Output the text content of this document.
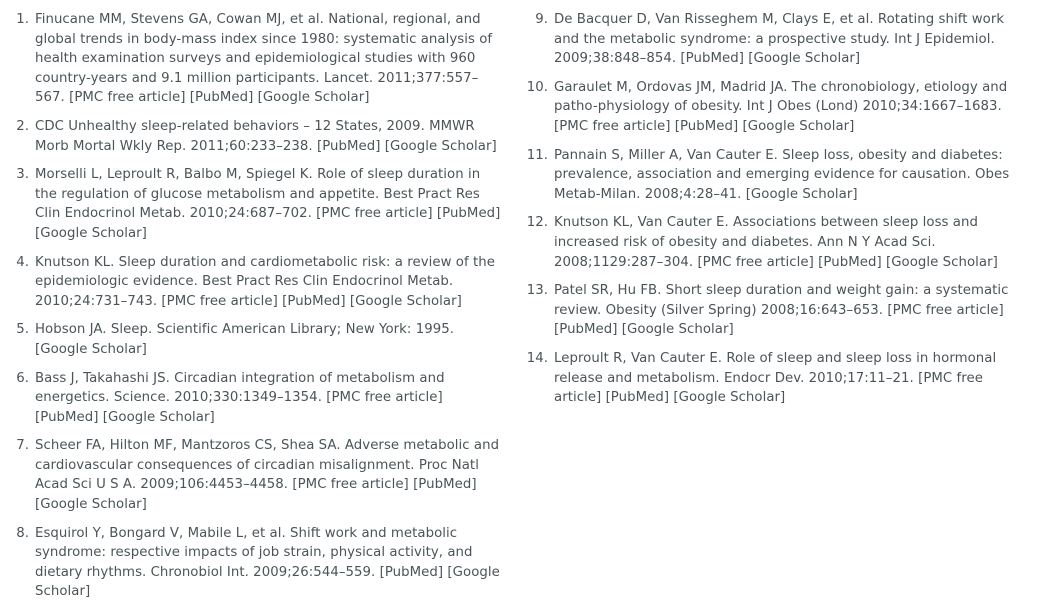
1. Finucane MM, Stevens GA, Cowan MJ, et al. National, regional, and global trends in body-mass index since 1980: systematic analysis of health examination surveys and epidemiological studies with 960 country-years and 9.1 million participants. Lancet. 2011;377:557–567. [PMC free article] [PubMed] [Google Scholar]
2. CDC Unhealthy sleep-related behaviors – 12 States, 2009. MMWR Morb Mortal Wkly Rep. 2011;60:233–238. [PubMed] [Google Scholar]
3. Morselli L, Leproult R, Balbo M, Spiegel K. Role of sleep duration in the regulation of glucose metabolism and appetite. Best Pract Res Clin Endocrinol Metab. 2010;24:687–702. [PMC free article] [PubMed] [Google Scholar]
4. Knutson KL. Sleep duration and cardiometabolic risk: a review of the epidemiologic evidence. Best Pract Res Clin Endocrinol Metab. 2010;24:731–743. [PMC free article] [PubMed] [Google Scholar]
5. Hobson JA. Sleep. Scientific American Library; New York: 1995. [Google Scholar]
6. Bass J, Takahashi JS. Circadian integration of metabolism and energetics. Science. 2010;330:1349–1354. [PMC free article] [PubMed] [Google Scholar]
7. Scheer FA, Hilton MF, Mantzoros CS, Shea SA. Adverse metabolic and cardiovascular consequences of circadian misalignment. Proc Natl Acad Sci U S A. 2009;106:4453–4458. [PMC free article] [PubMed] [Google Scholar]
8. Esquirol Y, Bongard V, Mabile L, et al. Shift work and metabolic syndrome: respective impacts of job strain, physical activity, and dietary rhythms. Chronobiol Int. 2009;26:544–559. [PubMed] [Google Scholar]
9. De Bacquer D, Van Risseghem M, Clays E, et al. Rotating shift work and the metabolic syndrome: a prospective study. Int J Epidemiol. 2009;38:848–854. [PubMed] [Google Scholar]
10. Garaulet M, Ordovas JM, Madrid JA. The chronobiology, etiology and patho-physiology of obesity. Int J Obes (Lond) 2010;34:1667–1683. [PMC free article] [PubMed] [Google Scholar]
11. Pannain S, Miller A, Van Cauter E. Sleep loss, obesity and diabetes: prevalence, association and emerging evidence for causation. Obes Metab-Milan. 2008;4:28–41. [Google Scholar]
12. Knutson KL, Van Cauter E. Associations between sleep loss and increased risk of obesity and diabetes. Ann N Y Acad Sci. 2008;1129:287–304. [PMC free article] [PubMed] [Google Scholar]
13. Patel SR, Hu FB. Short sleep duration and weight gain: a systematic review. Obesity (Silver Spring) 2008;16:643–653. [PMC free article] [PubMed] [Google Scholar]
14. Leproult R, Van Cauter E. Role of sleep and sleep loss in hormonal release and metabolism. Endocr Dev. 2010;17:11–21. [PMC free article] [PubMed] [Google Scholar]
